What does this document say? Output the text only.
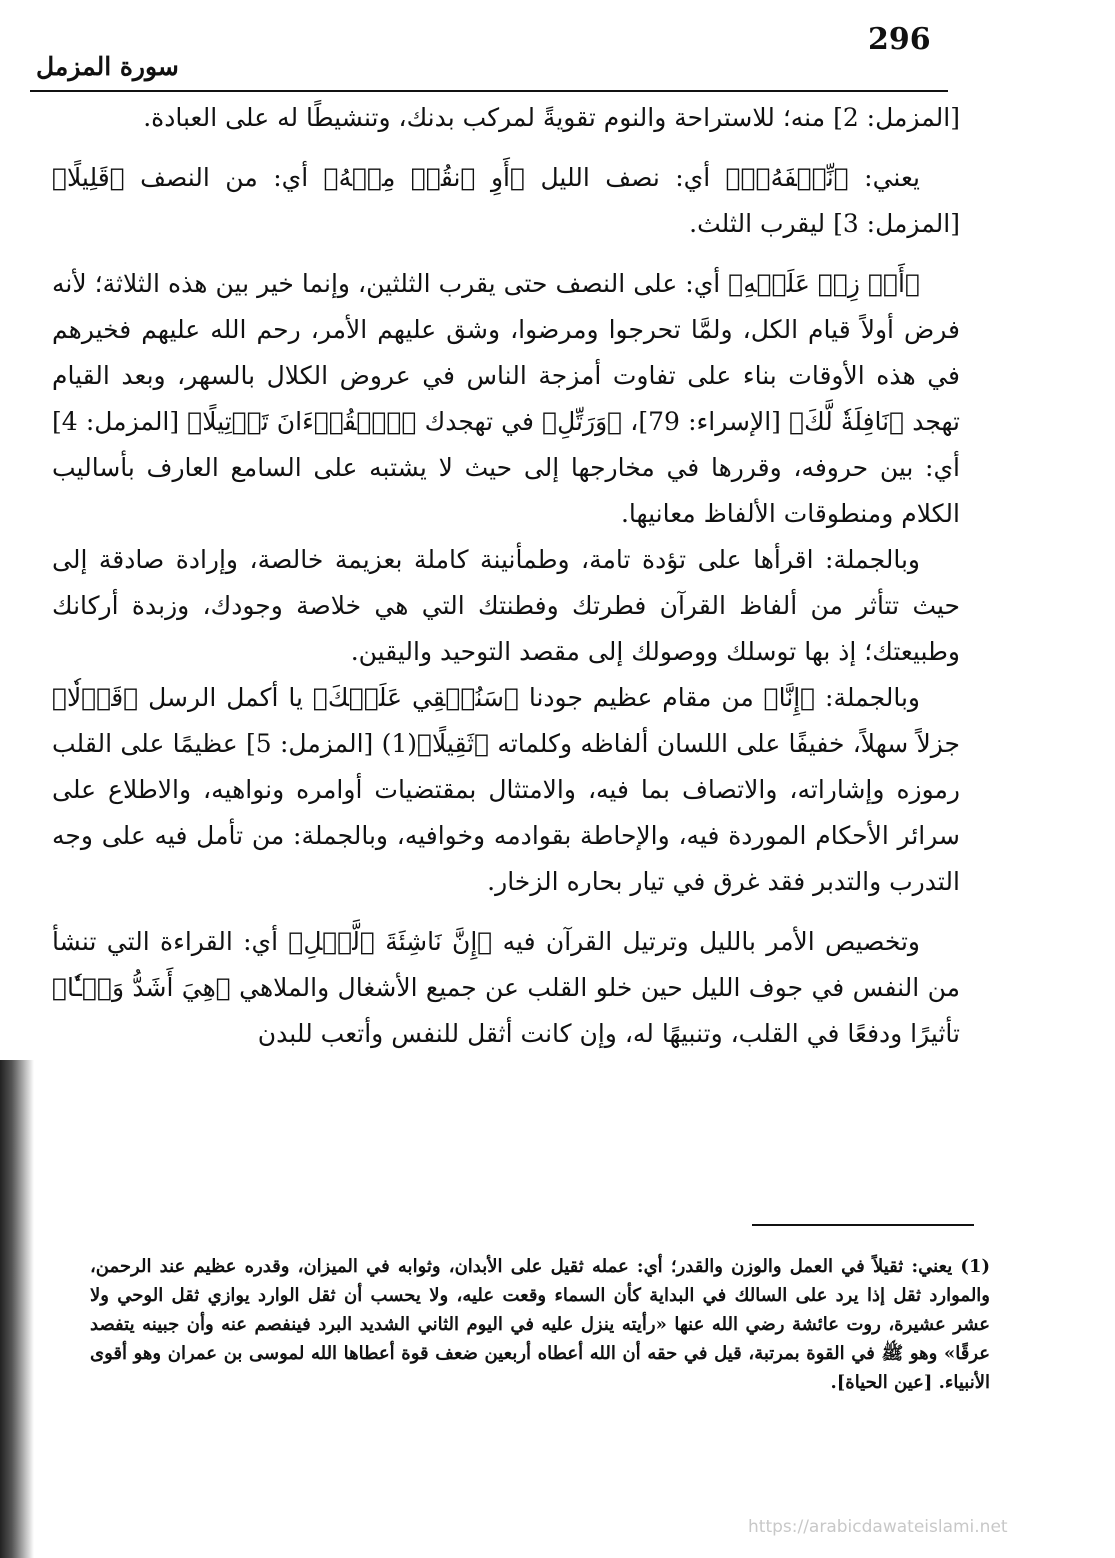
296
سورة المزمل

[المزمل: 2] منه؛ للاستراحة والنوم تقويةً لمركب بدنك، وتنشيطًا له على العبادة.

يعني: ﴿نِّصۡفَهُۥٓ﴾ أي: نصف الليل ﴿أَوِ ٱنقُصۡ مِنۡهُ﴾ أي: من النصف ﴿قَلِيلًا﴾ [المزمل: 3] ليقرب الثلث.

﴿أَوۡ زِدۡ عَلَيۡهِ﴾ أي: على النصف حتى يقرب الثلثين، وإنما خير بين هذه الثلاثة؛ لأنه فرض أولاً قيام الكل، ولمَّا تحرجوا ومرضوا، وشق عليهم الأمر، رحم الله عليهم فخيرهم في هذه الأوقات بناء على تفاوت أمزجة الناس في عروض الكلال بالسهر، وبعد القيام تهجد ﴿نَافِلَةٗ لَّكَ﴾ [الإسراء: 79]، ﴿وَرَتِّلِ﴾ في تهجدك ﴿ٱلۡقُرۡءَانَ تَرۡتِيلًا﴾ [المزمل: 4] أي: بين حروفه، وقررها في مخارجها إلى حيث لا يشتبه على السامع العارف بأساليب الكلام ومنطوقات الألفاظ معانيها.

وبالجملة: اقرأها على تؤدة تامة، وطمأنينة كاملة بعزيمة خالصة، وإرادة صادقة إلى حيث تتأثر من ألفاظ القرآن فطرتك وفطنتك التي هي خلاصة وجودك، وزبدة أركانك وطبيعتك؛ إذ بها توسلك ووصولك إلى مقصد التوحيد واليقين.

وبالجملة: ﴿إِنَّا﴾ من مقام عظيم جودنا ﴿سَنُلۡقِي عَلَيۡكَ﴾ يا أكمل الرسل ﴿قَوۡلٗا﴾ جزلاً سهلاً، خفيفًا على اللسان ألفاظه وكلماته ﴿ثَقِيلًا﴾(1) [المزمل: 5] عظيمًا على القلب رموزه وإشاراته، والاتصاف بما فيه، والامتثال بمقتضيات أوامره ونواهيه، والاطلاع على سرائر الأحكام الموردة فيه، والإحاطة بقوادمه وخوافيه، وبالجملة: من تأمل فيه على وجه التدرب والتدبر فقد غرق في تيار بحاره الزخار.

وتخصيص الأمر بالليل وترتيل القرآن فيه ﴿إِنَّ نَاشِئَةَ ٱلَّيۡلِ﴾ أي: القراءة التي تنشأ من النفس في جوف الليل حين خلو القلب عن جميع الأشغال والملاهي ﴿هِيَ أَشَدُّ وَطۡـٔٗا﴾ تأثيرًا ودفعًا في القلب، وتنبيهًا له، وإن كانت أثقل للنفس وأتعب للبدن

(1) يعني: ثقيلاً في العمل والوزن والقدر؛ أي: عمله ثقيل على الأبدان، وثوابه في الميزان، وقدره عظيم عند الرحمن، والموارد ثقل إذا يرد على السالك في البداية كأن السماء وقعت عليه، ولا يحسب أن ثقل الوارد يوازي ثقل الوحي ولا عشر عشيرة، روت عائشة رضي الله عنها «رأيته ينزل عليه في اليوم الثاني الشديد البرد فينفصم عنه وأن جبينه يتفصد عرقًا» وهو ﷺ في القوة بمرتبة، قيل في حقه أن الله أعطاه أربعين ضعف قوة أعطاها الله لموسى بن عمران وهو أقوى الأنبياء. [عين الحياة].

https://arabicdawateislami.net
